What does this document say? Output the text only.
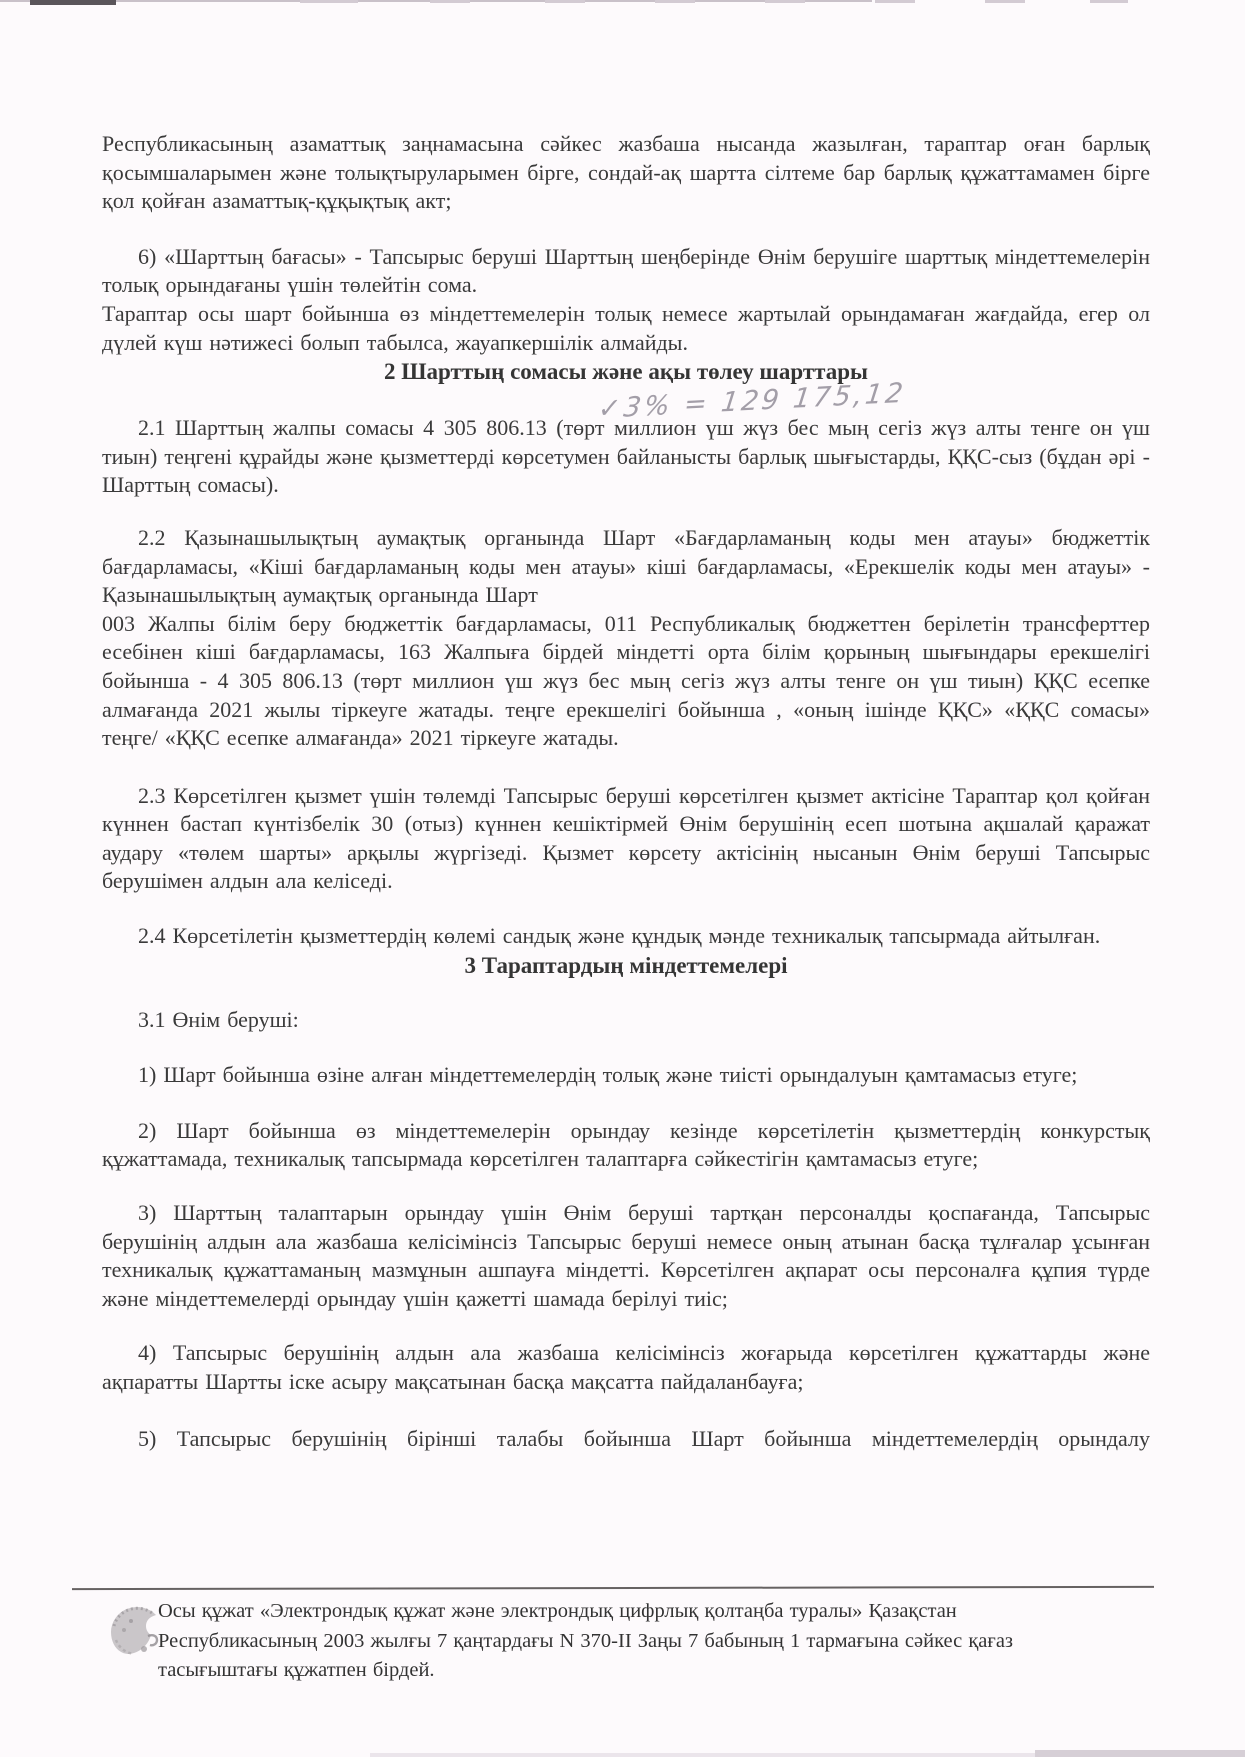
Республикасының азаматтық заңнамасына сәйкес жазбаша нысанда жазылған, тараптар оған барлық қосымшаларымен және толықтыруларымен бірге, сондай-ақ шартта сілтеме бар барлық құжаттамамен бірге қол қойған азаматтық-құқықтық акт;

6) «Шарттың бағасы» - Тапсырыс беруші Шарттың шеңберінде Өнім берушіге шарттық міндеттемелерін толық орындағаны үшін төлейтін сома.

Тараптар осы шарт бойынша өз міндеттемелерін толық немесе жартылай орындамаған жағдайда, егер ол дүлей күш нәтижесі болып табылса, жауапкершілік алмайды.

2 Шарттың сомасы және ақы төлеу шарттары

2.1 Шарттың жалпы сомасы 4 305 806.13 (төрт миллион үш жүз бес мың сегіз жүз алты тенге он үш тиын) теңгені құрайды және қызметтерді көрсетумен байланысты барлық шығыстарды, ҚҚС-сыз (бұдан әрі - Шарттың сомасы).

2.2 Қазынашылықтың аумақтық органында Шарт «Бағдарламаның коды мен атауы» бюджеттік бағдарламасы, «Кіші бағдарламаның коды мен атауы» кіші бағдарламасы, «Ерекшелік коды мен атауы» - Қазынашылықтың аумақтық органында Шарт

003 Жалпы білім беру бюджеттік бағдарламасы, 011 Республикалық бюджеттен берілетін трансферттер есебінен кіші бағдарламасы, 163 Жалпыға бірдей міндетті орта білім қорының шығындары ерекшелігі бойынша - 4 305 806.13 (төрт миллион үш жүз бес мың сегіз жүз алты тенге он үш тиын) ҚҚС есепке алмағанда 2021 жылы тіркеуге жатады. теңге ерекшелігі бойынша , «оның ішінде ҚҚС» «ҚҚС сомасы» теңге/ «ҚҚС есепке алмағанда» 2021 тіркеуге жатады.

2.3 Көрсетілген қызмет үшін төлемді Тапсырыс беруші көрсетілген қызмет актісіне Тараптар қол қойған күннен бастап күнтізбелік 30 (отыз) күннен кешіктірмей Өнім берушінің есеп шотына ақшалай қаражат аудару «төлем шарты» арқылы жүргізеді. Қызмет көрсету актісінің нысанын Өнім беруші Тапсырыс берушімен алдын ала келіседі.

2.4 Көрсетілетін қызметтердің көлемі сандық және құндық мәнде техникалық тапсырмада айтылған.

3 Тараптардың міндеттемелері

3.1 Өнім беруші:

1) Шарт бойынша өзіне алған міндеттемелердің толық және тиісті орындалуын қамтамасыз етуге;

2) Шарт бойынша өз міндеттемелерін орындау кезінде көрсетілетін қызметтердің конкурстық құжаттамада, техникалық тапсырмада көрсетілген талаптарға сәйкестігін қамтамасыз етуге;

3) Шарттың талаптарын орындау үшін Өнім беруші тартқан персоналды қоспағанда, Тапсырыс берушінің алдын ала жазбаша келісімінсіз Тапсырыс беруші немесе оның атынан басқа тұлғалар ұсынған техникалық құжаттаманың мазмұнын ашпауға міндетті. Көрсетілген ақпарат осы персоналға құпия түрде және міндеттемелерді орындау үшін қажетті шамада берілуі тиіс;

4) Тапсырыс берушінің алдын ала жазбаша келісімінсіз жоғарыда көрсетілген құжаттарды және ақпаратты Шартты іске асыру мақсатынан басқа мақсатта пайдаланбауға;

5) Тапсырыс берушінің бірінші талабы бойынша Шарт бойынша міндеттемелердің орындалу

✓3% = 129 175,12
Осы құжат «Электрондық құжат және электрондық цифрлық қолтаңба туралы» Қазақстан Республикасының 2003 жылғы 7 қаңтардағы N 370-II Заңы 7 бабының 1 тармағына сәйкес қағаз тасығыштағы құжатпен бірдей.
